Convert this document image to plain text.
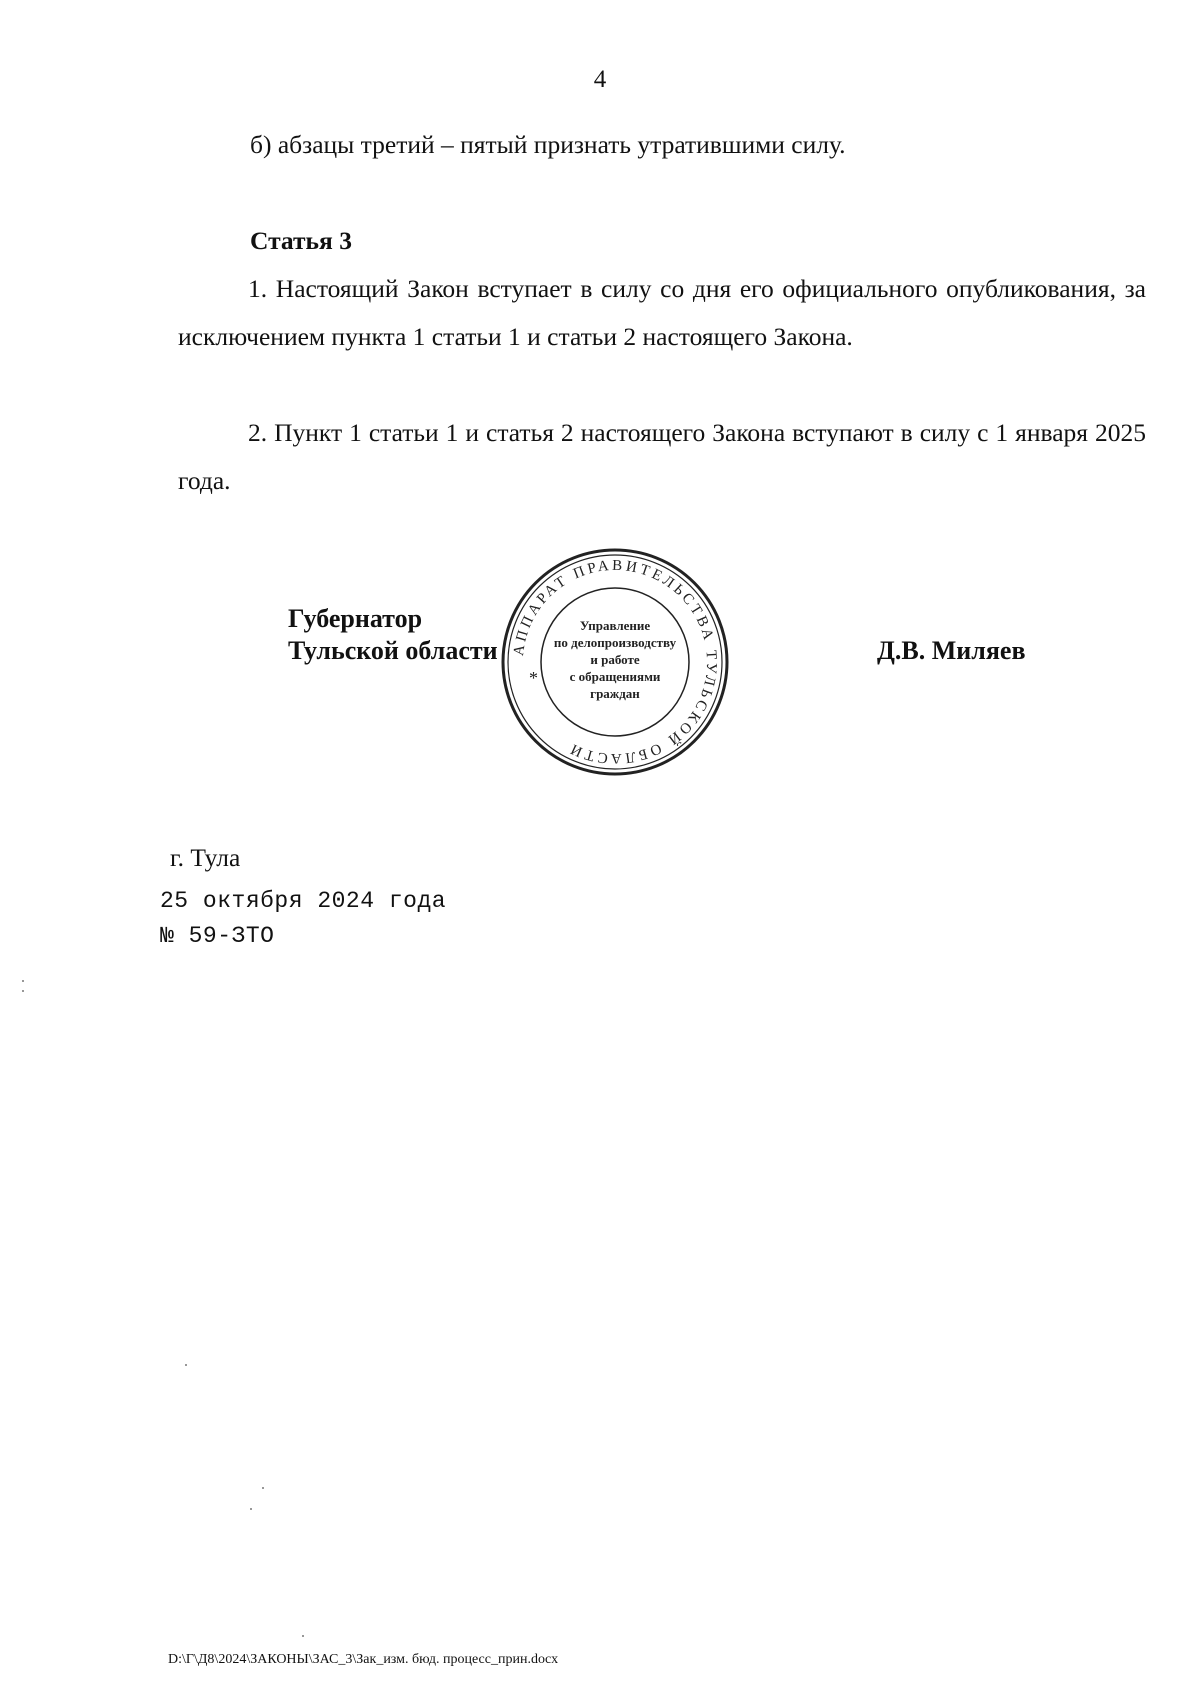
4
б) абзацы третий – пятый признать утратившими силу.
Статья 3
1. Настоящий Закон вступает в силу со дня его официального опубликования, за исключением пункта 1 статьи 1 и статьи 2 настоящего Закона.
2. Пункт 1 статьи 1 и статья 2 настоящего Закона вступают в силу с 1 января 2025 года.
Губернатор
Тульской области	Д.В. Миляев
АППАРАТ ПРАВИТЕЛЬСТВА ТУЛЬСКОЙ ОБЛАСТИ
*
Управление
по делопроизводству
и работе
с обращениями
граждан
г. Тула
25 октября 2024 года
№ 59-ЗТО
D:\Г\Д8\2024\ЗАКОНЫ\ЗАС_3\Зак_изм. бюд. процесс_прин.docx
